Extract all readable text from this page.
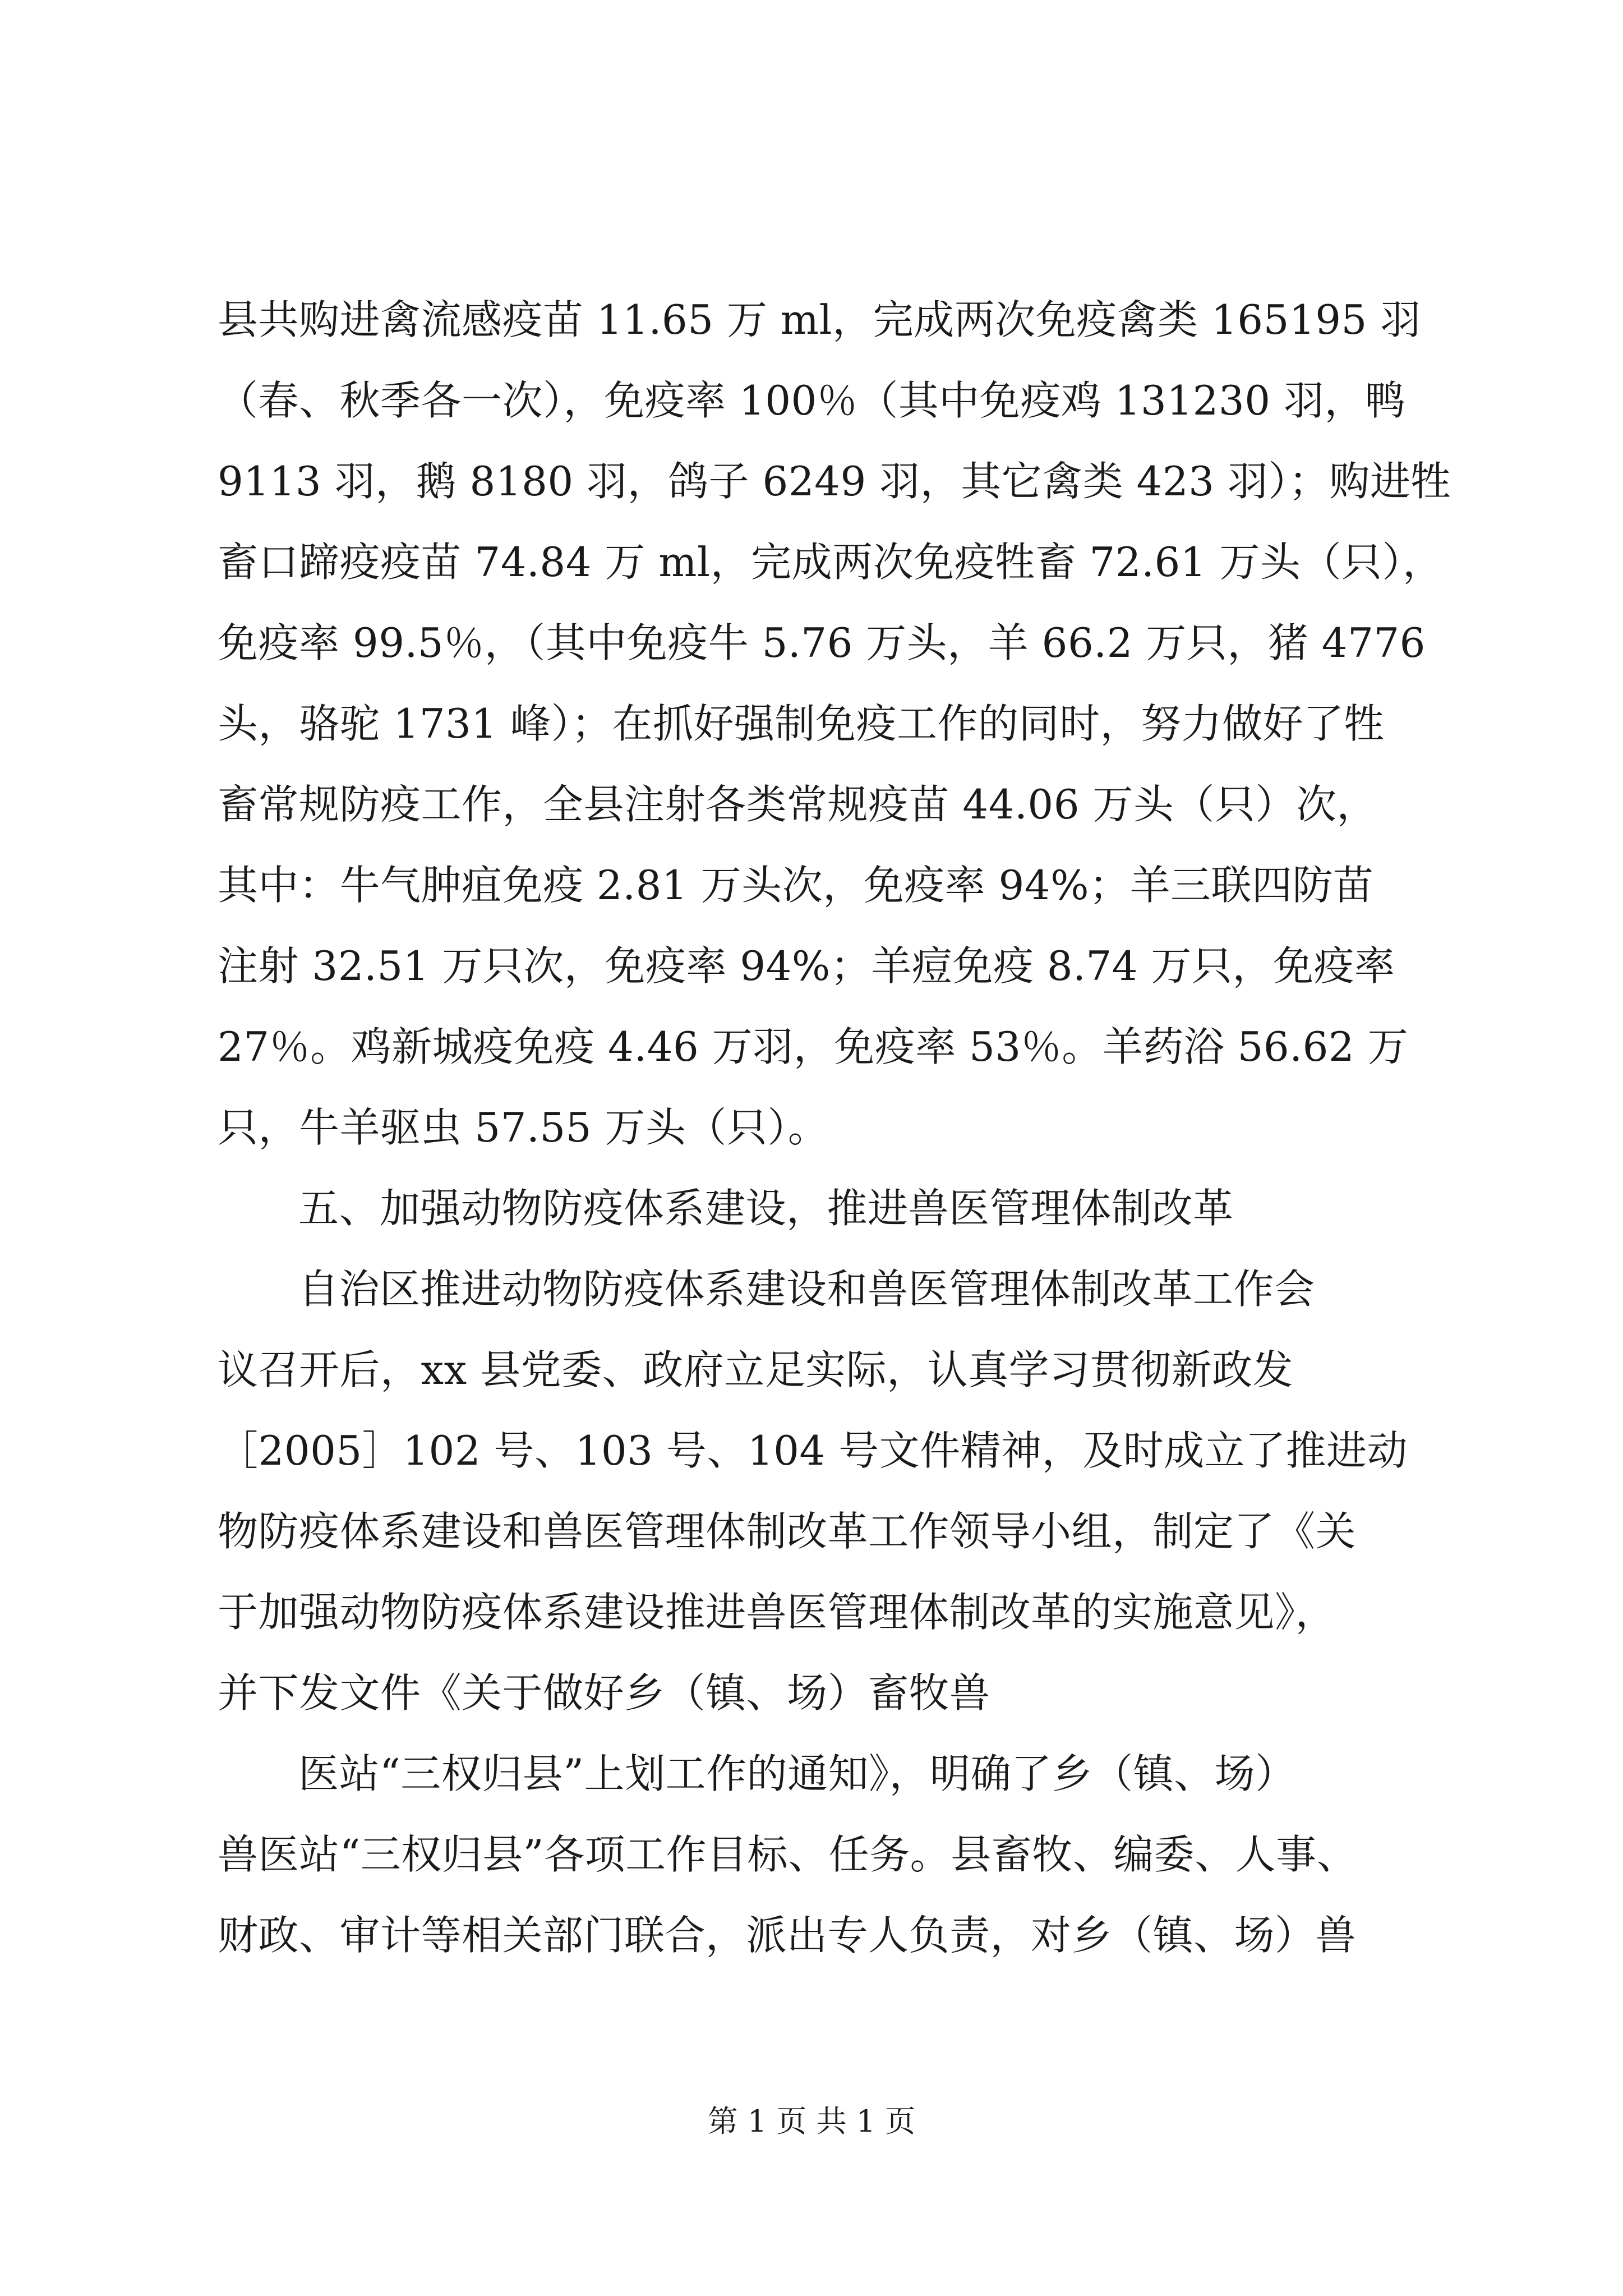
县共购进禽流感疫苗 11.65 万 ml，完成两次免疫禽类 165195 羽
（春、秋季各一次），免疫率 100％（其中免疫鸡 131230 羽，鸭
9113 羽，鹅 8180 羽，鸽子 6249 羽，其它禽类 423 羽）；购进牲
畜口蹄疫疫苗 74.84 万 ml，完成两次免疫牲畜 72.61 万头（只），
免疫率 99.5％，（其中免疫牛 5.76 万头，羊 66.2 万只，猪 4776
头，骆驼 1731 峰）；在抓好强制免疫工作的同时，努力做好了牲
畜常规防疫工作，全县注射各类常规疫苗 44.06 万头（只）次，
其中：牛气肿疽免疫 2.81 万头次，免疫率 94%；羊三联四防苗
注射 32.51 万只次，免疫率 94%；羊痘免疫 8.74 万只，免疫率
27％。鸡新城疫免疫 4.46 万羽，免疫率 53％。羊药浴 56.62 万
只，牛羊驱虫 57.55 万头（只）。
五、加强动物防疫体系建设，推进兽医管理体制改革
自治区推进动物防疫体系建设和兽医管理体制改革工作会
议召开后，xx 县党委、政府立足实际，认真学习贯彻新政发
［2005］102 号、103 号、104 号文件精神，及时成立了推进动
物防疫体系建设和兽医管理体制改革工作领导小组，制定了《关
于加强动物防疫体系建设推进兽医管理体制改革的实施意见》，
并下发文件《关于做好乡（镇、场）畜牧兽
医站“三权归县”上划工作的通知》，明确了乡（镇、场）
兽医站“三权归县”各项工作目标、任务。县畜牧、编委、人事、
财政、审计等相关部门联合，派出专人负责，对乡（镇、场）兽
第 1 页 共 1 页
